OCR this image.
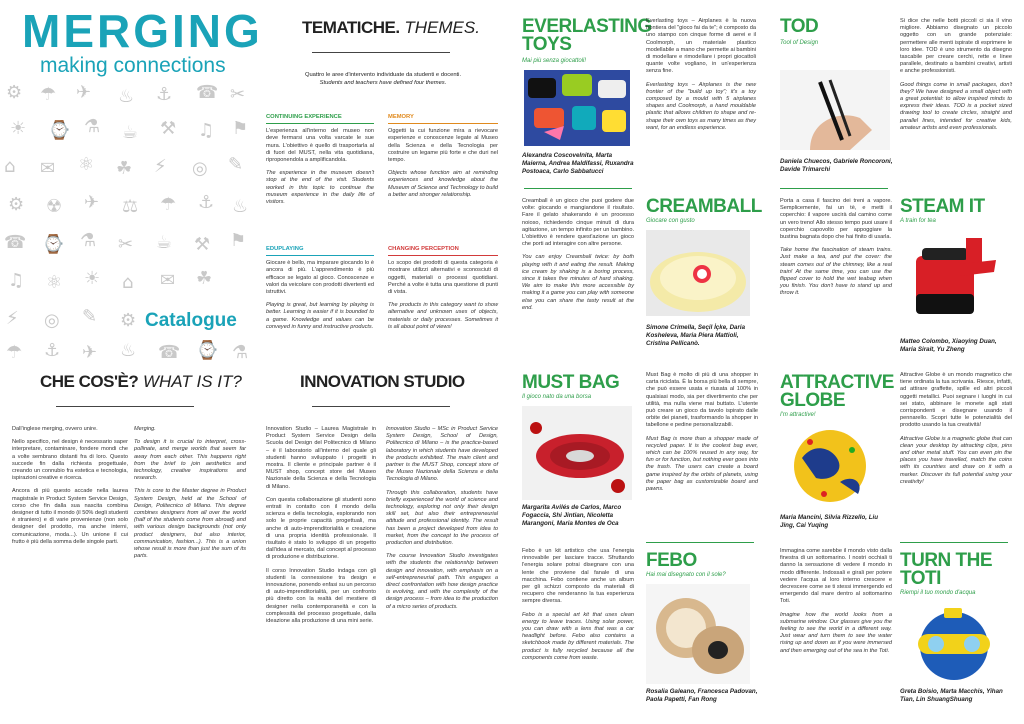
⚙ ☂ ✈ ♨ ⚓ ☎ ✂
☀ ⌚ ⚗ ☕ ⚒ ♫ ⚑
⌂ ✉ ⚛ ☘ ⚡ ◎ ✎
⚙ ☢ ✈ ⚖ ☂ ⚓ ♨
☎ ⌚ ⚗ ✂ ☕ ⚒ ⚑
♫ ⚛ ☀ ⌂ ✉ ☘
⚡ ◎ ✎ ⚙
☂ ⚓ ✈ ♨ ☎ ⌚ ⚗
MERGING
making connections
Catalogue
TEMATICHE. THEMES.
Quattro le aree d'intervento individuate da studenti e docenti.
Students and teachers have defined four themes.
CONTINUING EXPERIENCE

L'esperienza all'interno del museo non deve fermarsi una volta varcate le sue mura. L'obiettivo è quello di trasportarla al di fuori del MUST, nella vita quotidiana, riproponendola a amplificandola.

The experience in the museum doesn't stop at the end of the visit. Students worked in this topic to continue the museum experience in the daily life of visitors.

MEMORY

Oggetti la cui funzione mira a rievocare esperienze e conoscenze legate al Museo della Scienza e della Tecnologia per costruire un legame più forte e che duri nel tempo.

Objects whose function aim at reminding experiences and knowledge about the Museum of Science and Technology to build a better and stronger relationship.

EDUPLAYING

Giocare è bello, ma imparare giocando lo è ancora di più. L'apprendimento è più efficace se legato al gioco. Conoscenze e valori da veicolare con prodotti divertenti ed istruttivi.

Playing is great, but learning by playing is better. Learning is easier if it is bounded to a game. Knowledge and values can be conveyed in funny and instructive products.

CHANGING PERCEPTION

Lo scopo dei prodotti di questa categoria è mostrare utilizzi alternativi e sconosciuti di oggetti, materiali o processi quotidiani. Perché a volte è tutta una questione di punti di vista.

The products in this category want to show alternative and unknown uses of objects, materials or daily processes. Sometimes it is all about point of views!

CHE COS'È? WHAT IS IT?

Dall'inglese merging, ovvero unire.

Nello specifico, nel design è necessario saper interpretare, contaminare, fondere mondi che a volte sembrano distanti fra di loro. Questo succede fin dalla richiesta progettuale, creando un connubio fra estetica e tecnologia, ispirazioni creative e ricerca.

Ancora di più questo accade nella laurea magistrale in Product System Service Design, corso che fin dalla sua nascita combina designer di tutto il mondo (il 50% degli studenti è straniero) e di varie provenienze (non solo designer del prodotto, ma anche interni, comunicazione, moda...). Un unione il cui frutto è più della somma delle singole parti.

Merging.

To design it is crucial to interpret, cross-pollinate, and merge worlds that seem far away from each other. This happens right from the brief to join aesthetics and technology, creative inspirations and research.

This is core to the Master degree in Product System Design, held at the School of Design, Politecnico di Milano. This degree combines designers from all over the world (half of the students come from abroad) and with various design backgrounds (not only product designers, but also interior, communication, fashion...). This is a union whose result is more than just the sum of its parts.

INNOVATION STUDIO

Innovation Studio – Laurea Magistrale in Product System Service Design della Scuola del Design del Politecnico di Milano – è il laboratorio all'interno del quale gli studenti hanno sviluppato i progetti in mostra. Il cliente e principale partner è il MUST shop, concept store del Museo Nazionale della Scienza e della Tecnologia di Milano.

Con questa collaborazione gli studenti sono entrati in contatto con il mondo della scienza e della tecnologia, esplorando non solo le proprie capacità progettuali, ma anche di auto-imprenditorialità e creazione di una propria identità professionale. Il risultato è stato lo sviluppo di un progetto dall'idea al mercato, dal concept al processo di produzione e distribuzione.

Il corso Innovation Studio indaga con gli studenti la connessione tra design e innovazione, ponendo enfasi su un percorso di auto-imprenditorialità, per un confronto più diretto con la realtà del mestiere di designer nella contemporaneità e con la complessità del processo progettuale, dalla ideazione alla produzione di una mini serie.

Innovation Studio – MSc in Product Service System Design, School of Design, Politecnico di Milano – is the practice-based laboratory in which students have developed the products exhibited. The main client and partner is the MUST Shop, concept store of the Museo Nazionale della Scienza e della Tecnologia di Milano.

Through this collaboration, students have briefly experienced the world of science and technology, exploring not only their design skill set, but also their entrepreneurial attitude and professional identity. The result has been a project developed from idea to market, from the concept to the process of production and distribution.

The course Innovation Studio investigates with the students the relationship between design and innovation, with emphasis on a self-entrepreneurial path. This engages a direct confrontation with how design practice is evolving, and with the complexity of the design process – from idea to the production of a micro series of products.

EVERLASTING TOYS
Mai più senza giocattoli!
Alexandra Coscovelnita, Marta Maierna, Andrea Maldifassi, Ruxandra Postoaca, Carlo Sabbatucci

Everlasting toys – Airplanes è la nuova frontiera del "gioco fai da te"; è composto da uno stampo con cinque forme di aerei e il Coolmorph, un materiale plastico modellabile a mano che permette ai bambini di modellare e rimodellare i propri giocattoli quante volte vogliano, in un'esperienza senza fine.

Everlasting toys – Airplanes is the new frontier of the "build up toy"; it's a toy composed by a mould with 5 airplanes shapes and Coolmorph, a hand mouldable plastic that allows children to shape and re-shape their own toys as many times as they want, for an endless experience.

TOD
Tool of Design
Daniela Chuecos, Gabriele Roncoroni, Davide Trimarchi

Si dice che nelle botti piccoli ci sia il vino migliore. Abbiamo disegnato un piccolo oggetto con un grande potenziale: permettere alle menti ispirate di esprimere le loro idee. TOD è uno strumento da disegno tascabile per creare cerchi, rette e linee parallele, destinato a bambini creativi, artisti e anche professionisti.

Good things come in small packages, don't they? We have designed a small object with a great potential: to allow inspired minds to express their ideas. TOD is a pocket sized drawing tool to create circles, straight and parallel lines, intended for creative kids, amateur artists and even professionals.

Creamball è un gioco che puoi godere due volte: giocando e mangiandone il risultato. Fare il gelato shakerando è un processo noioso, richiedendo cinque minuti di dura agitazione, un tempo infinito per un bambino. L'obiettivo è rendere quest'azione un gioco che porti ad interagire con altre persone.

You can enjoy Creamball twice: by both playing with it and eating the result. Making ice cream by shaking is a boring process, since it takes five minutes of hard shaking. We aim to make this more accessible by making it a game you can play with someone else you can share the tasty result at the end.

CREAMBALL
Giocare con gusto
Simone Crimella, Seçil İçke, Daria Kosheleva, Maria Piera Mattioli, Cristina Pellicanò.

Porta a casa il fascino dei treni a vapore. Semplicemente, fai un tè, e metti il coperchio: il vapore uscirà dal camino come un vero treno! Allo stesso tempo puoi usare il coperchio capovolto per appoggiare la bustina bagnata dopo che hai finito di usarla.

Take home the fascination of steam trains. Just make a tea, and put the cover: the steam comes out of the chimney, like a real train! At the same time, you can use the flipped cover to hold the wet teabag when you finish. You don't have to stand up and throw it.

STEAM IT
A train for tea
Matteo Colombo, Xiaoying Duan, Maria Sirait, Yu Zheng
MUST BAG
Il gioco nato da una borsa
Margarita Avilés de Carlos, Marco Fogaccia, Shi Jintian, Nicoletta Marangoni, Maria Montes de Oca

Must Bag è molto di più di una shopper in carta riciclata. È la borsa più bella di sempre, che può essere usata e riusata al 100% in qualsiasi modo, sia per divertimento che per utilità, ma nulla viene mai buttato. L'utente può creare un gioco da tavolo ispirato dalle orbite dei pianeti, trasformando la shopper in tabellone e pedine personalizzabili.

Must Bag is more than a shopper made of recycled paper. It is the coolest bag ever, which can be 100% reused in any way, for fun or for function, but nothing ever goes into the trash. The users can create a board game inspired by the orbits of planets, using the paper bag as customizable board and pawns.

ATTRACTIVE GLOBE
I'm attractive!
Maria Mancini, Silvia Rizzello, Liu Jing, Cai Yuqing

Attractive Globe è un mondo magnetico che tiene ordinata la tua scrivania. Riesce, infatti, ad attirare graffette, spille ed altri piccoli oggetti metallici. Puoi segnare i luoghi in cui sei stato, abbinare le monete agli stati corrispondenti e disegnare usando il pennarello. Scopri tutte le potenzialità del prodotto usando la tua creatività!

Attractive Globe is a magnetic globe that can clean your desktop by attracting clips, pins and other metal stuff. You can even pin the places you have travelled, match the coins with its countries and draw on it with a marker. Discover its full potential using your creativity!

Febo è un kit artistico che usa l'energia rinnovabile per lasciare tracce. Sfruttando l'energia solare potrai disegnare con una lente che proviene dal fanale di una macchina. Febo contiene anche un album per gli schizzi composto da materiali di recupero che renderanno la tua esperienza sempre diversa.

Febo is a special art kit that uses clean energy to leave traces. Using solar power, you can draw with a lens that was a car headlight before. Febo also contains a sketchbook made by different materials. The product is fully recycled because all the components come from waste.

FEBO
Hai mai disegnato con il sole?
Rosalia Galeano, Francesca Padovan, Paola Papetti, Fan Rong

Immagina come sarebbe il mondo visto dalla finestra di un sottomarino. I nostri occhiali ti danno la sensazione di vedere il mondo in modo differente. Indossali e girali per potere vedere l'acqua al loro interno crescere e decrescere come se ti stessi immergendo ed emergendo dal mare dentro al sottomarino Toti.

Imagine how the world looks from a submarine window. Our glasses give you the feeling to see the world in a different way. Just wear and turn them to see the water rising up and down as if you were immersed and then emerging out of the sea in the Toti.

TURN THE TOTI
Riempi il tuo mondo d'acqua
Greta Boisio, Marta Macchis, Yihan Tian, Lin ShuangShuang
